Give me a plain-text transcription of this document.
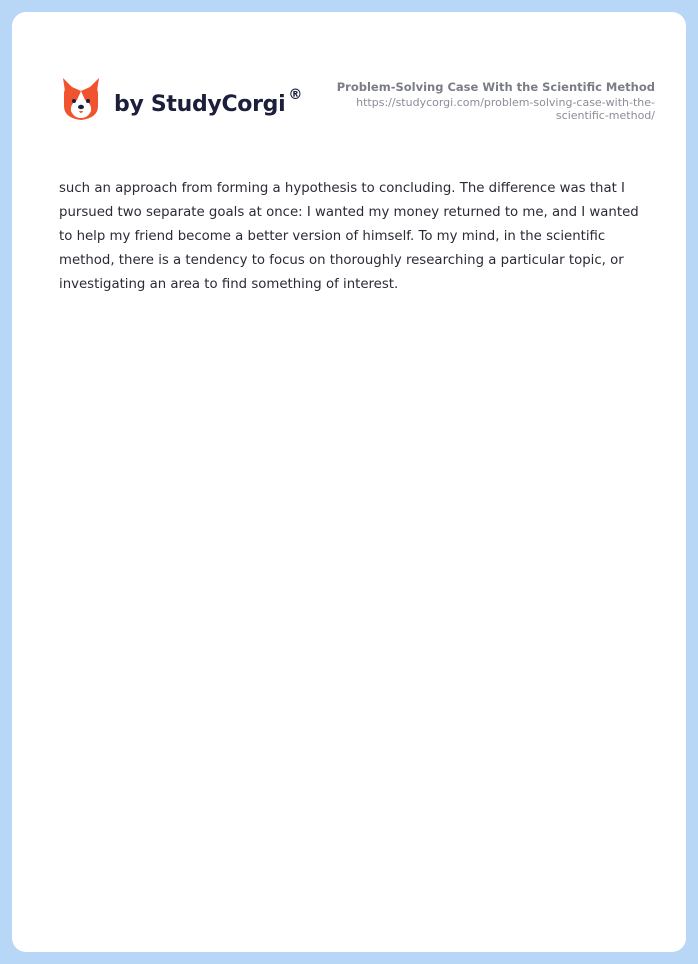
by StudyCorgi ®	Problem-Solving Case With the Scientific Method
https://studycorgi.com/problem-solving-case-with-the-
scientific-method/

such an approach from forming a hypothesis to concluding. The difference was that I pursued two separate goals at once: I wanted my money returned to me, and I wanted to help my friend become a better version of himself. To my mind, in the scientific method, there is a tendency to focus on thoroughly researching a particular topic, or investigating an area to find something of interest.
